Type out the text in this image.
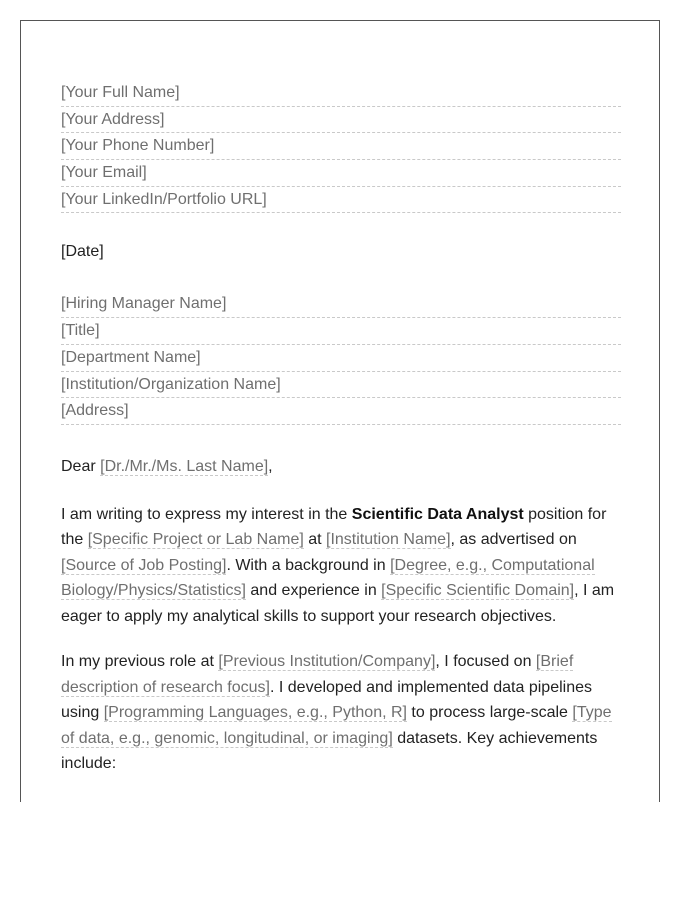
[Your Full Name]
[Your Address]
[Your Phone Number]
[Your Email]
[Your LinkedIn/Portfolio URL]
[Date]
[Hiring Manager Name]
[Title]
[Department Name]
[Institution/Organization Name]
[Address]
Dear [Dr./Mr./Ms. Last Name],

I am writing to express my interest in the Scientific Data Analyst position for the [Specific Project or Lab Name] at [Institution Name], as advertised on [Source of Job Posting]. With a background in [Degree, e.g., Computational Biology/Physics/Statistics] and experience in [Specific Scientific Domain], I am eager to apply my analytical skills to support your research objectives.

In my previous role at [Previous Institution/Company], I focused on [Brief description of research focus]. I developed and implemented data pipelines using [Programming Languages, e.g., Python, R] to process large-scale [Type of data, e.g., genomic, longitudinal, or imaging] datasets. Key achievements include:
